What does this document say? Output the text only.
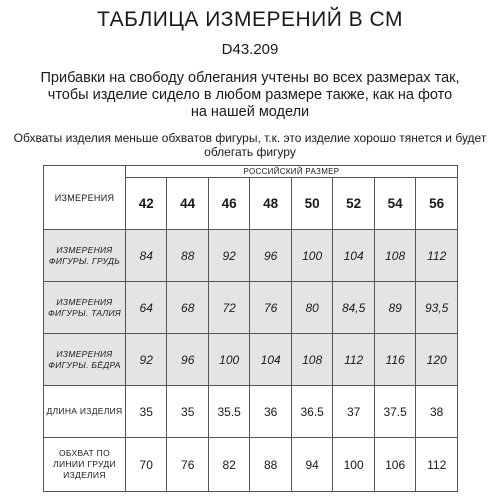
ТАБЛИЦА ИЗМЕРЕНИЙ В СМ
D43.209
Прибавки на свободу облегания учтены во всех размерах так, чтобы изделие сидело в любом размере также, как на фото на нашей модели
Обхваты изделия меньше обхватов фигуры, т.к. это изделие хорошо тянется и будет облегать фигуру
ИЗМЕРЕНИЯ	РОССИЙСКИЙ РАЗМЕР							
	42	44	46	48	50	52	54	56
ИЗМЕРЕНИЯ ФИГУРЫ. ГРУДЬ	84	88	92	96	100	104	108	112
ИЗМЕРЕНИЯ ФИГУРЫ. ТАЛИЯ	64	68	72	76	80	84,5	89	93,5
ИЗМЕРЕНИЯ ФИГУРЫ. БЁДРА	92	96	100	104	108	112	116	120
ДЛИНА ИЗДЕЛИЯ	35	35	35.5	36	36.5	37	37.5	38
ОБХВАТ ПО ЛИНИИ ГРУДИ ИЗДЕЛИЯ	70	76	82	88	94	100	106	112
